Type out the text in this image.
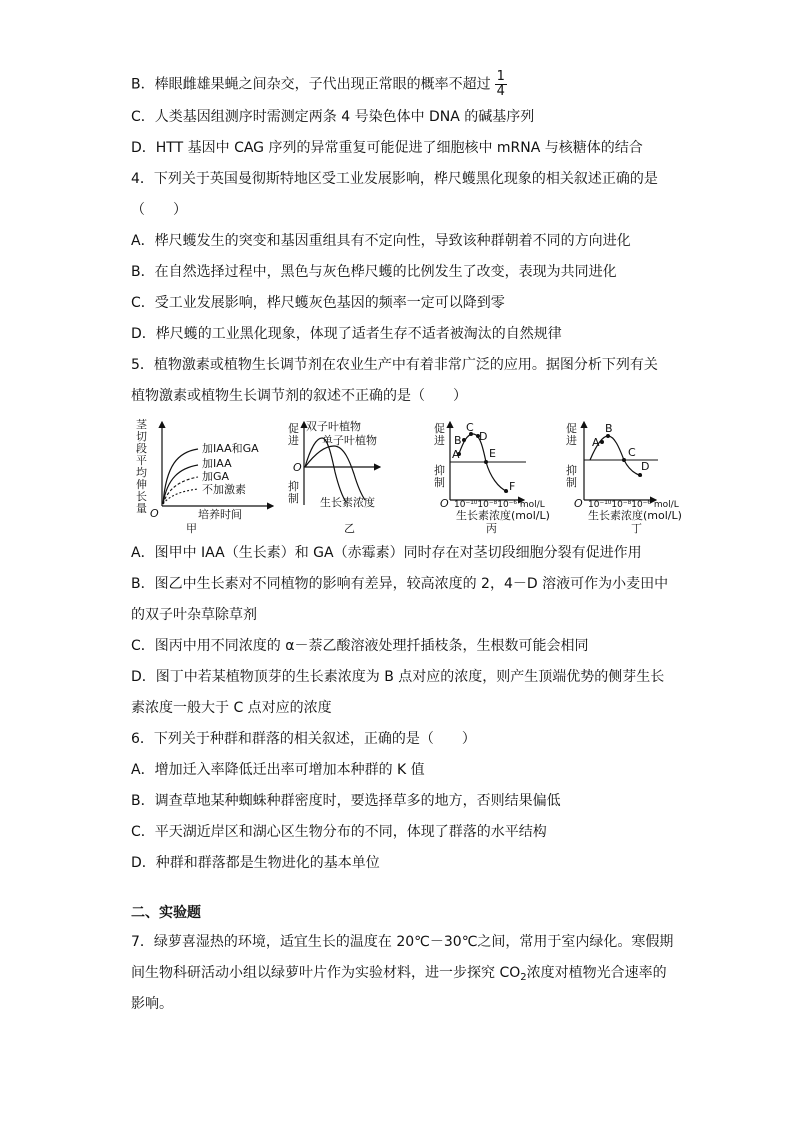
B．棒眼雌雄果蝇之间杂交，子代出现正常眼的概率不超过 $\frac{1}{4}$
C．人类基因组测序时需测定两条 4 号染色体中 DNA 的碱基序列
D．HTT 基因中 CAG 序列的异常重复可能促进了细胞核中 mRNA 与核糖体的结合
4．下列关于英国曼彻斯特地区受工业发展影响，桦尺蠖黑化现象的相关叙述正确的是
（　　）
A．桦尺蠖发生的突变和基因重组具有不定向性，导致该种群朝着不同的方向进化
B．在自然选择过程中，黑色与灰色桦尺蠖的比例发生了改变，表现为共同进化
C．受工业发展影响，桦尺蠖灰色基因的频率一定可以降到零
D．桦尺蠖的工业黑化现象，体现了适者生存不适者被淘汰的自然规律
5．植物激素或植物生长调节剂在农业生产中有着非常广泛的应用。据图分析下列有关
植物激素或植物生长调节剂的叙述不正确的是（　　）
茎
切
段
平
均
伸
长
量 O
加IAA和GA
加IAA
加GA
不加激素
培养时间
甲
促
进
抑
制
O
双子叶植物
单子叶植物
生长素浓度
乙
促
进
抑
制
A
B
C
D
E
F
O 10⁻¹⁰10⁻⁸10⁻⁶ mol/L
生长素浓度(mol/L)
丙
促
进
抑
制
A
B
C
D
O 10⁻¹⁰10⁻⁸10⁻⁶ mol/L
生长素浓度(mol/L)
丁
A．图甲中 IAA（生长素）和 GA（赤霉素）同时存在对茎切段细胞分裂有促进作用
B．图乙中生长素对不同植物的影响有差异，较高浓度的 2，4－D 溶液可作为小麦田中
的双子叶杂草除草剂
C．图丙中用不同浓度的 α－萘乙酸溶液处理扦插枝条，生根数可能会相同
D．图丁中若某植物顶芽的生长素浓度为 B 点对应的浓度，则产生顶端优势的侧芽生长
素浓度一般大于 C 点对应的浓度
6．下列关于种群和群落的相关叙述，正确的是（　　）
A．增加迁入率降低迁出率可增加本种群的 K 值
B．调查草地某种蜘蛛种群密度时，要选择草多的地方，否则结果偏低
C．平天湖近岸区和湖心区生物分布的不同，体现了群落的水平结构
D．种群和群落都是生物进化的基本单位
二、实验题
7．绿萝喜湿热的环境，适宜生长的温度在 20℃－30℃之间，常用于室内绿化。寒假期
间生物科研活动小组以绿萝叶片作为实验材料，进一步探究 $CO_2$浓度对植物光合速率的
影响。
